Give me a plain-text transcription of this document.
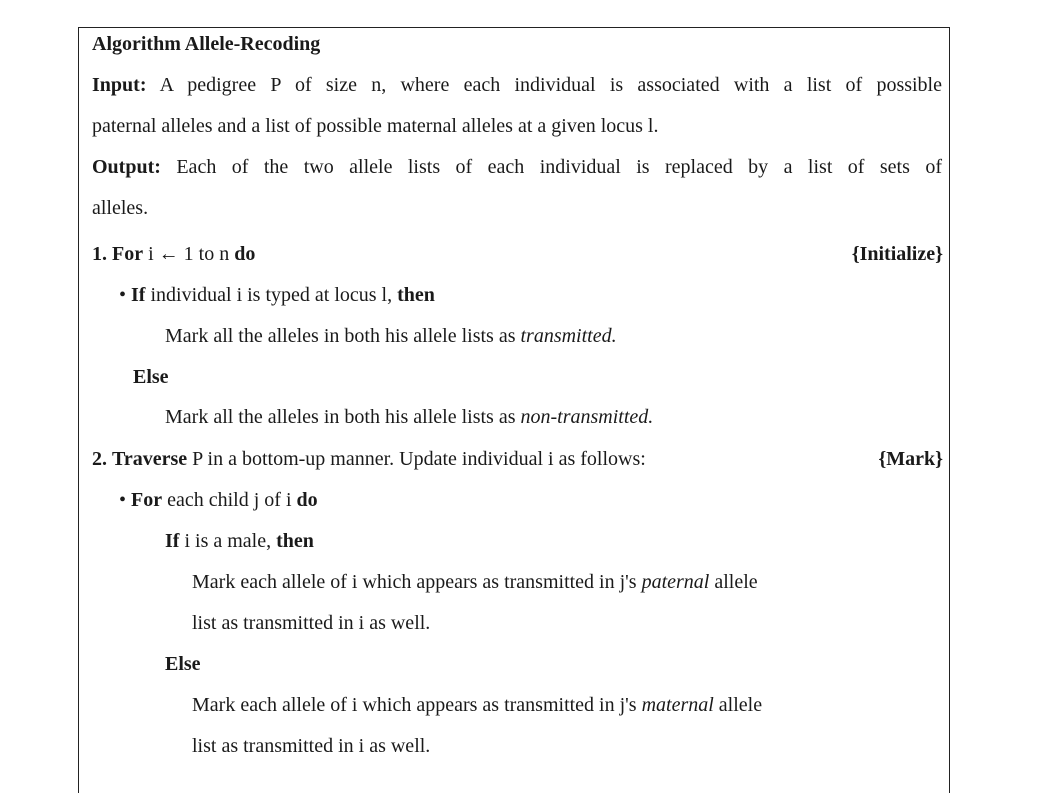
Algorithm Allele-Recoding
Input: A pedigree P of size n, where each individual is associated with a list of possible
paternal alleles and a list of possible maternal alleles at a given locus l.
Output: Each of the two allele lists of each individual is replaced by a list of sets of
alleles.
1. For i ← 1 to n do	{Initialize}
• If individual i is typed at locus l, then
Mark all the alleles in both his allele lists as transmitted.
Else
Mark all the alleles in both his allele lists as non-transmitted.
2. Traverse P in a bottom-up manner. Update individual i as follows:	{Mark}
• For each child j of i do
If i is a male, then
Mark each allele of i which appears as transmitted in j's paternal allele
list as transmitted in i as well.
Else
Mark each allele of i which appears as transmitted in j's maternal allele
list as transmitted in i as well.
